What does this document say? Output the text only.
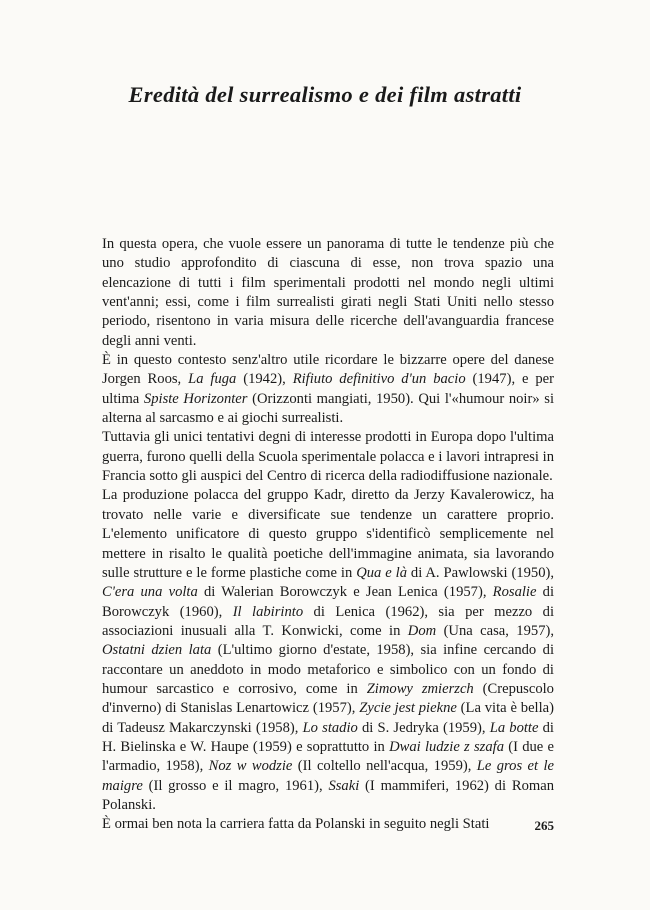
Eredità del surrealismo e dei film astratti

In questa opera, che vuole essere un panorama di tutte le tendenze più che uno studio approfondito di ciascuna di esse, non trova spazio una elencazione di tutti i film sperimentali prodotti nel mondo negli ultimi vent'anni; essi, come i film surrealisti girati negli Stati Uniti nello stesso periodo, risentono in varia misura delle ricerche dell'avanguardia francese degli anni venti.

È in questo contesto senz'altro utile ricordare le bizzarre opere del danese Jorgen Roos, La fuga (1942), Rifiuto definitivo d'un bacio (1947), e per ultima Spiste Horizonter (Orizzonti mangiati, 1950). Qui l'«humour noir» si alterna al sarcasmo e ai giochi surrealisti.

Tuttavia gli unici tentativi degni di interesse prodotti in Europa dopo l'ultima guerra, furono quelli della Scuola sperimentale polacca e i lavori intrapresi in Francia sotto gli auspici del Centro di ricerca della radiodiffusione nazionale.

La produzione polacca del gruppo Kadr, diretto da Jerzy Kavalerowicz, ha trovato nelle varie e diversificate sue tendenze un carattere proprio. L'elemento unificatore di questo gruppo s'identificò semplicemente nel mettere in risalto le qualità poetiche dell'immagine animata, sia lavorando sulle strutture e le forme plastiche come in Qua e là di A. Pawlowski (1950), C'era una volta di Walerian Borowczyk e Jean Lenica (1957), Rosalie di Borowczyk (1960), Il labirinto di Lenica (1962), sia per mezzo di associazioni inusuali alla T. Konwicki, come in Dom (Una casa, 1957), Ostatni dzien lata (L'ultimo giorno d'estate, 1958), sia infine cercando di raccontare un aneddoto in modo metaforico e simbolico con un fondo di humour sarcastico e corrosivo, come in Zimowy zmierzch (Crepuscolo d'inverno) di Stanislas Lenartowicz (1957), Zycie jest piekne (La vita è bella) di Tadeusz Makarczynski (1958), Lo stadio di S. Jedryka (1959), La botte di H. Bielinska e W. Haupe (1959) e soprattutto in Dwai ludzie z szafa (I due e l'armadio, 1958), Noz w wodzie (Il coltello nell'acqua, 1959), Le gros et le maigre (Il grosso e il magro, 1961), Ssaki (I mammiferi, 1962) di Roman Polanski.

È ormai ben nota la carriera fatta da Polanski in seguito negli Stati	265
